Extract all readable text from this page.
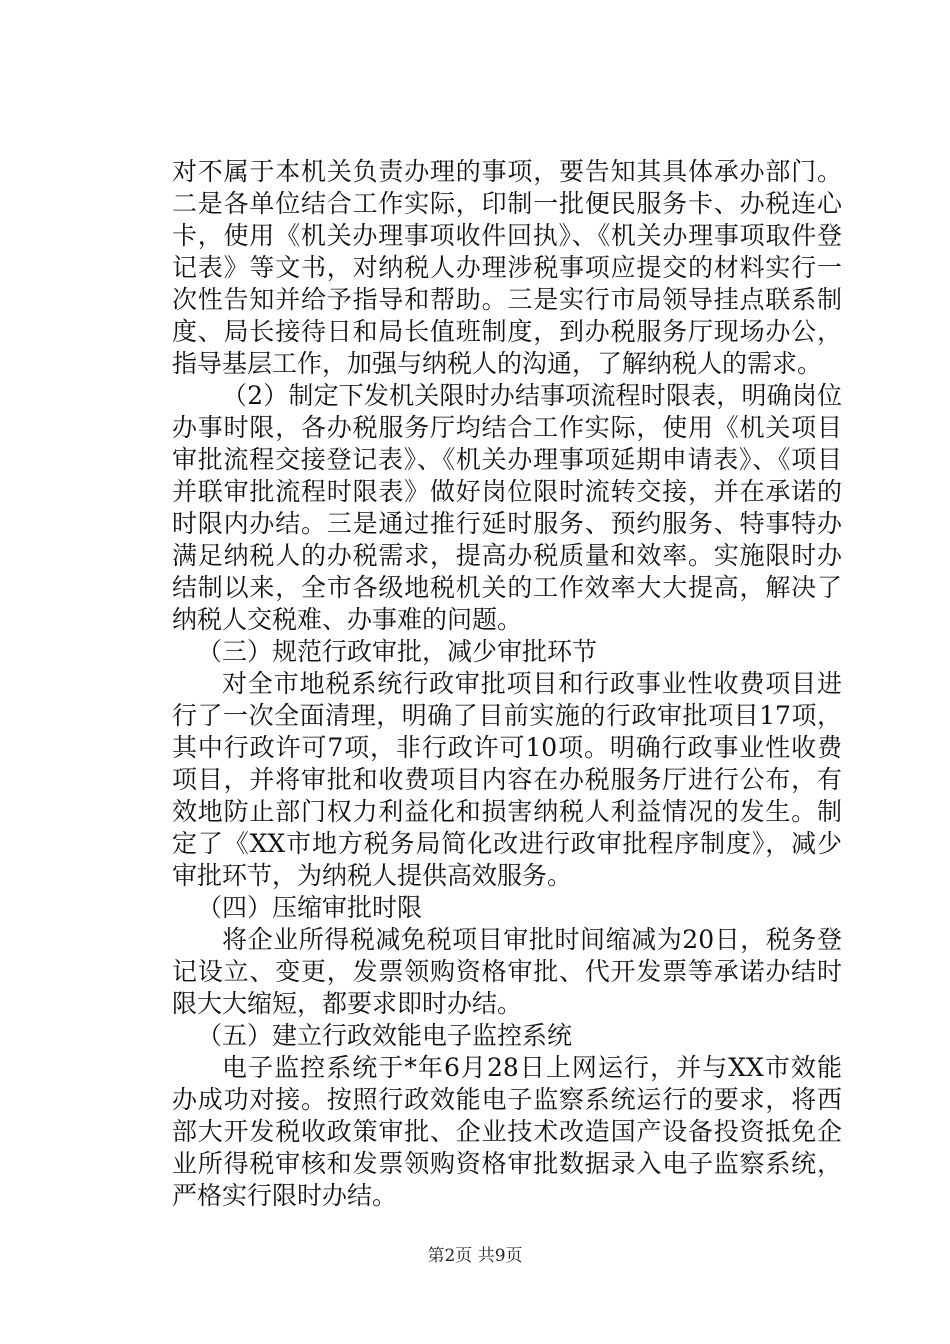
对不属于本机关负责办理的事项，要告知其具体承办部门。二是各单位结合工作实际，印制一批便民服务卡、办税连心卡，使用《机关办理事项收件回执》、《机关办理事项取件登记表》等文书，对纳税人办理涉税事项应提交的材料实行一次性告知并给予指导和帮助。三是实行市局领导挂点联系制度、局长接待日和局长值班制度，到办税服务厅现场办公，指导基层工作，加强与纳税人的沟通，了解纳税人的需求。

（2）制定下发机关限时办结事项流程时限表，明确岗位办事时限，各办税服务厅均结合工作实际，使用《机关项目审批流程交接登记表》、《机关办理事项延期申请表》、《项目并联审批流程时限表》做好岗位限时流转交接，并在承诺的时限内办结。三是通过推行延时服务、预约服务、特事特办满足纳税人的办税需求，提高办税质量和效率。实施限时办结制以来，全市各级地税机关的工作效率大大提高，解决了纳税人交税难、办事难的问题。

（三）规范行政审批，减少审批环节

对全市地税系统行政审批项目和行政事业性收费项目进行了一次全面清理，明确了目前实施的行政审批项目17项，其中行政许可7项，非行政许可10项。明确行政事业性收费项目，并将审批和收费项目内容在办税服务厅进行公布，有效地防止部门权力利益化和损害纳税人利益情况的发生。制定了《XX市地方税务局简化改进行政审批程序制度》，减少审批环节，为纳税人提供高效服务。

（四）压缩审批时限

将企业所得税减免税项目审批时间缩减为20日，税务登记设立、变更，发票领购资格审批、代开发票等承诺办结时限大大缩短，都要求即时办结。

（五）建立行政效能电子监控系统

电子监控系统于*年6月28日上网运行，并与XX市效能办成功对接。按照行政效能电子监察系统运行的要求，将西部大开发税收政策审批、企业技术改造国产设备投资抵免企业所得税审核和发票领购资格审批数据录入电子监察系统，严格实行限时办结。

第2页 共9页
